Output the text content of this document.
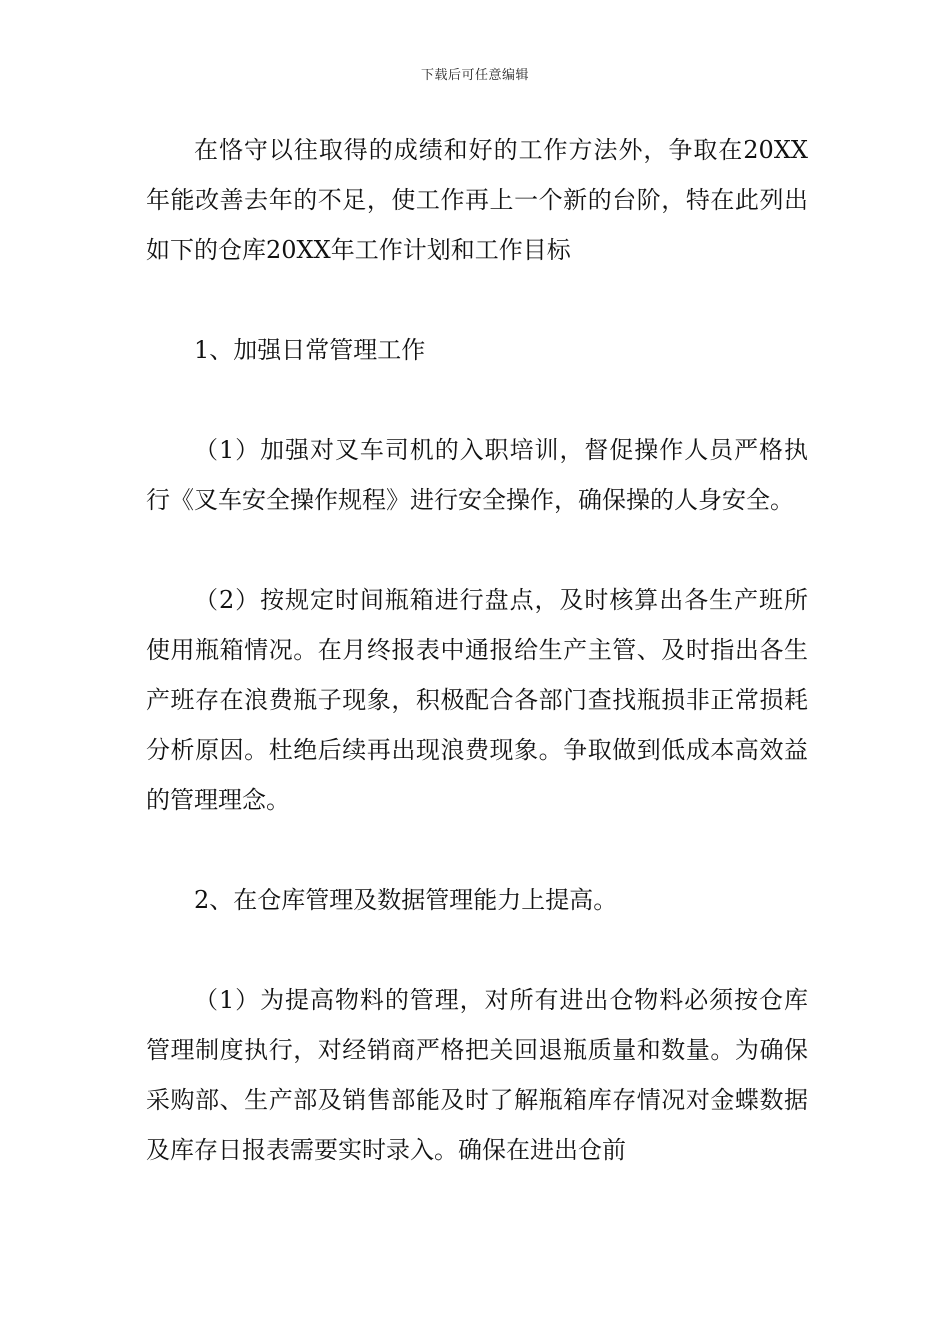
下载后可任意编辑

在恪守以往取得的成绩和好的工作方法外，争取在20XX年能改善去年的不足，使工作再上一个新的台阶，特在此列出如下的仓库20XX年工作计划和工作目标

1、加强日常管理工作

（1）加强对叉车司机的入职培训，督促操作人员严格执行《叉车安全操作规程》进行安全操作，确保操的人身安全。

（2）按规定时间瓶箱进行盘点，及时核算出各生产班所使用瓶箱情况。在月终报表中通报给生产主管、及时指出各生产班存在浪费瓶子现象，积极配合各部门查找瓶损非正常损耗分析原因。杜绝后续再出现浪费现象。争取做到低成本高效益的管理理念。

2、在仓库管理及数据管理能力上提高。

（1）为提高物料的管理，对所有进出仓物料必须按仓库管理制度执行，对经销商严格把关回退瓶质量和数量。为确保采购部、生产部及销售部能及时了解瓶箱库存情况对金蝶数据及库存日报表需要实时录入。确保在进出仓前
